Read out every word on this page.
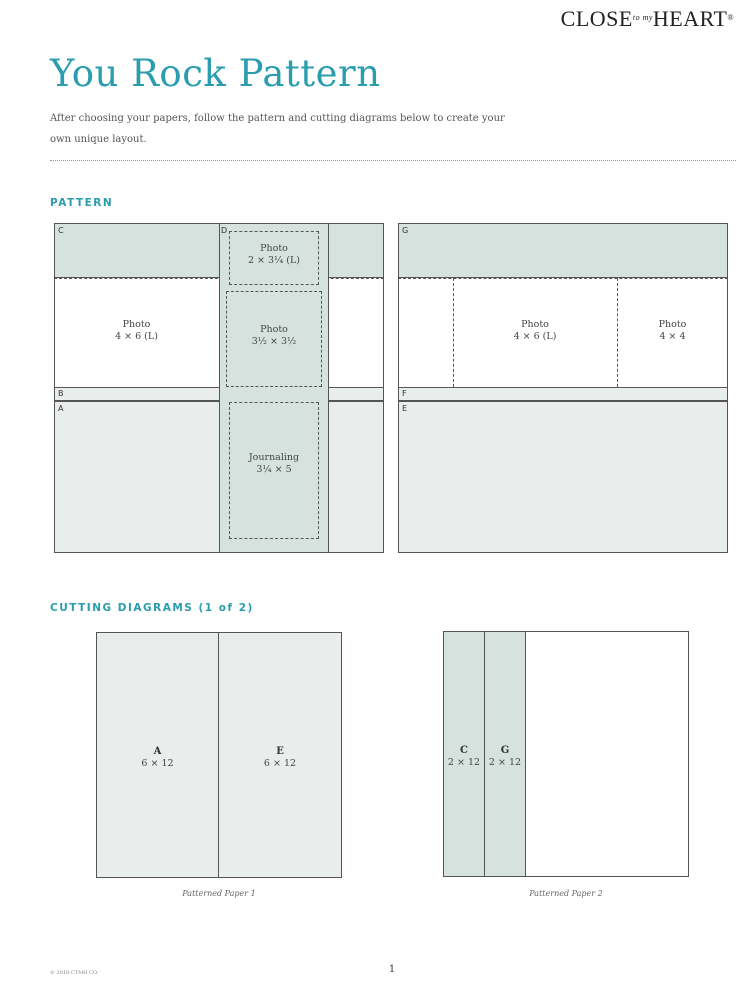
$CLOSE^{to my}HEART®$
You Rock Pattern

After choosing your papers, follow the pattern and cutting diagrams below to create your own unique layout.

PATTERN
Photo
4 × 6 (L)
Photo
2 × 3¼ (L)
Photo
3½ × 3½
Journaling
3¼ × 5
C	D
B
A
Photo
4 × 6 (L)
Photo
4 × 4
G
F
E
CUTTING DIAGRAMS (1 of 2)
A
6 × 12
E
6 × 12
Patterned Paper 1
C
2 × 12
G
2 × 12
Patterned Paper 2
© 2018 CTMH CO.	1
